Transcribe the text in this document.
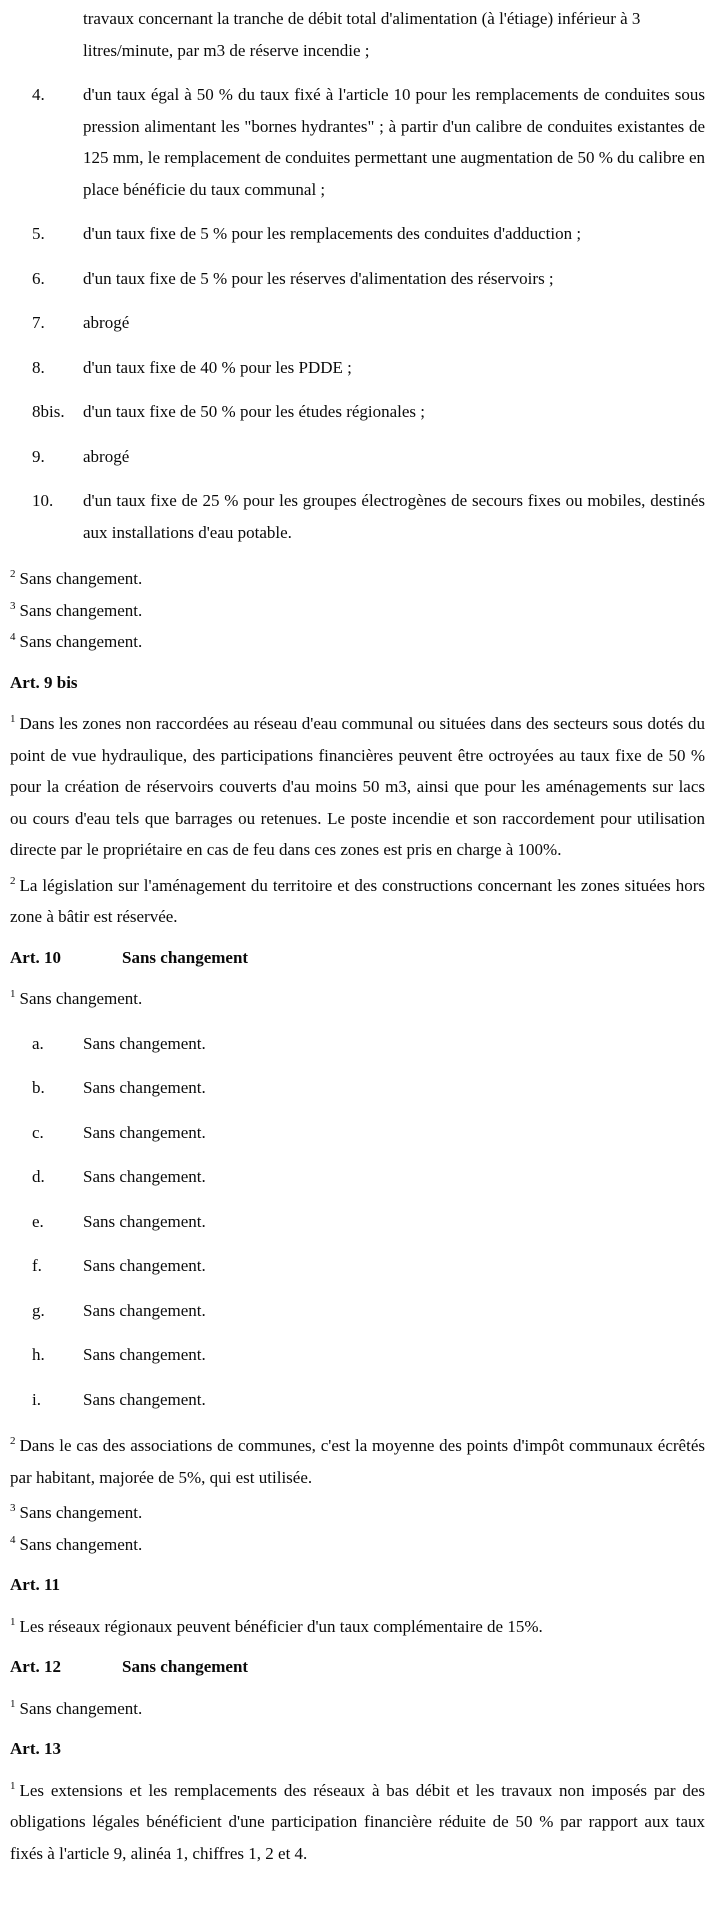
travaux concernant la tranche de débit total d'alimentation (à l'étiage) inférieur à 3 litres/minute, par m3 de réserve incendie ;
4.	d'un taux égal à 50 % du taux fixé à l'article 10 pour les remplacements de conduites sous pression alimentant les "bornes hydrantes" ; à partir d'un calibre de conduites existantes de 125 mm, le remplacement de conduites permettant une augmentation de 50 % du calibre en place bénéficie du taux communal ;
5.	d'un taux fixe de 5 % pour les remplacements des conduites d'adduction ;
6.	d'un taux fixe de 5 % pour les réserves d'alimentation des réservoirs ;
7.	abrogé
8.	d'un taux fixe de 40 % pour les PDDE ;
8bis.	d'un taux fixe de 50 % pour les études régionales ;
9.	abrogé
10.	d'un taux fixe de 25 % pour les groupes électrogènes de secours fixes ou mobiles, destinés aux installations d'eau potable.
$^2$ Sans changement.
$^3$ Sans changement.
$^4$ Sans changement.
Art. 9 bis
$^1$ Dans les zones non raccordées au réseau d'eau communal ou situées dans des secteurs sous dotés du point de vue hydraulique, des participations financières peuvent être octroyées au taux fixe de 50 % pour la création de réservoirs couverts d'au moins 50 m3, ainsi que pour les aménagements sur lacs ou cours d'eau tels que barrages ou retenues. Le poste incendie et son raccordement pour utilisation directe par le propriétaire en cas de feu dans ces zones est pris en charge à 100%.
$^2$ La législation sur l'aménagement du territoire et des constructions concernant les zones situées hors zone à bâtir est réservée.
Art. 10	Sans changement
$^1$ Sans changement.
a.	Sans changement.
b.	Sans changement.
c.	Sans changement.
d.	Sans changement.
e.	Sans changement.
f.	Sans changement.
g.	Sans changement.
h.	Sans changement.
i.	Sans changement.
$^2$ Dans le cas des associations de communes, c'est la moyenne des points d'impôt communaux écrêtés par habitant, majorée de 5%, qui est utilisée.
$^3$ Sans changement.
$^4$ Sans changement.
Art. 11
$^1$ Les réseaux régionaux peuvent bénéficier d'un taux complémentaire de 15%.
Art. 12	Sans changement
$^1$ Sans changement.
Art. 13
$^1$ Les extensions et les remplacements des réseaux à bas débit et les travaux non imposés par des obligations légales bénéficient d'une participation financière réduite de 50 % par rapport aux taux fixés à l'article 9, alinéa 1, chiffres 1, 2 et 4.
